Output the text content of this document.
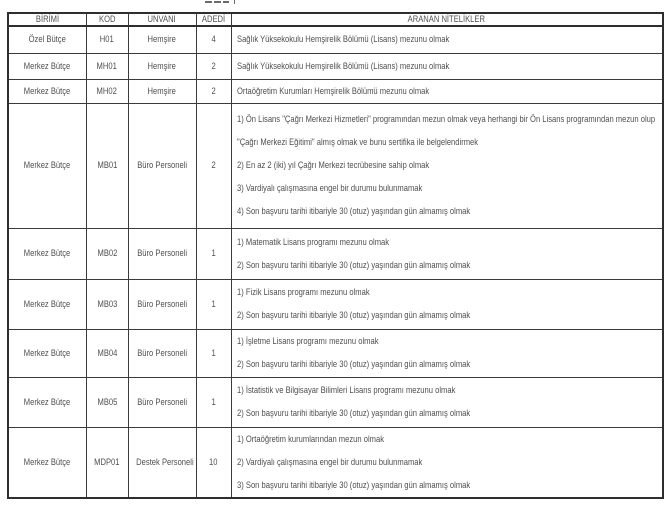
BİRİMİ	KOD	UNVANI	ADEDİ	ARANAN NİTELİKLER
Özel Bütçe	H01	Hemşire	4	Sağlık Yüksekokulu Hemşirelik Bölümü (Lisans) mezunu olmak

Merkez Bütçe	MH01	Hemşire	2	Sağlık Yüksekokulu Hemşirelik Bölümü (Lisans) mezunu olmak

Merkez Bütçe	MH02	Hemşire	2	Ortaöğretim Kurumları Hemşirelik Bölümü mezunu olmak

Merkez Bütçe	MB01	Büro Personeli	2	1) Ön Lisans "Çağrı Merkezi Hizmetleri" programından mezun olmak veya herhangi bir Ön Lisans programından mezun olup
"Çağrı Merkezi Eğitimi" almış olmak ve bunu sertifika ile belgelendirmek
2) En az 2 (iki) yıl Çağrı Merkezi tecrübesine sahip olmak
3) Vardiyalı çalışmasına engel bir durumu bulunmamak
4) Son başvuru tarihi itibariyle 30 (otuz) yaşından gün almamış olmak

Merkez Bütçe	MB02	Büro Personeli	1	1) Matematik Lisans programı mezunu olmak
2) Son başvuru tarihi itibariyle 30 (otuz) yaşından gün almamış olmak

Merkez Bütçe	MB03	Büro Personeli	1	1) Fizik Lisans programı mezunu olmak
2) Son başvuru tarihi itibariyle 30 (otuz) yaşından gün almamış olmak

Merkez Bütçe	MB04	Büro Personeli	1	1) İşletme Lisans programı mezunu olmak
2) Son başvuru tarihi itibariyle 30 (otuz) yaşından gün almamış olmak

Merkez Bütçe	MB05	Büro Personeli	1	1) İstatistik ve Bilgisayar Bilimleri Lisans programı mezunu olmak
2) Son başvuru tarihi itibariyle 30 (otuz) yaşından gün almamış olmak

Merkez Bütçe	MDP01	Destek Personeli	10	1) Ortaöğretim kurumlarından mezun olmak
2) Vardiyalı çalışmasına engel bir durumu bulunmamak
3) Son başvuru tarihi itibariyle 30 (otuz) yaşından gün almamış olmak
